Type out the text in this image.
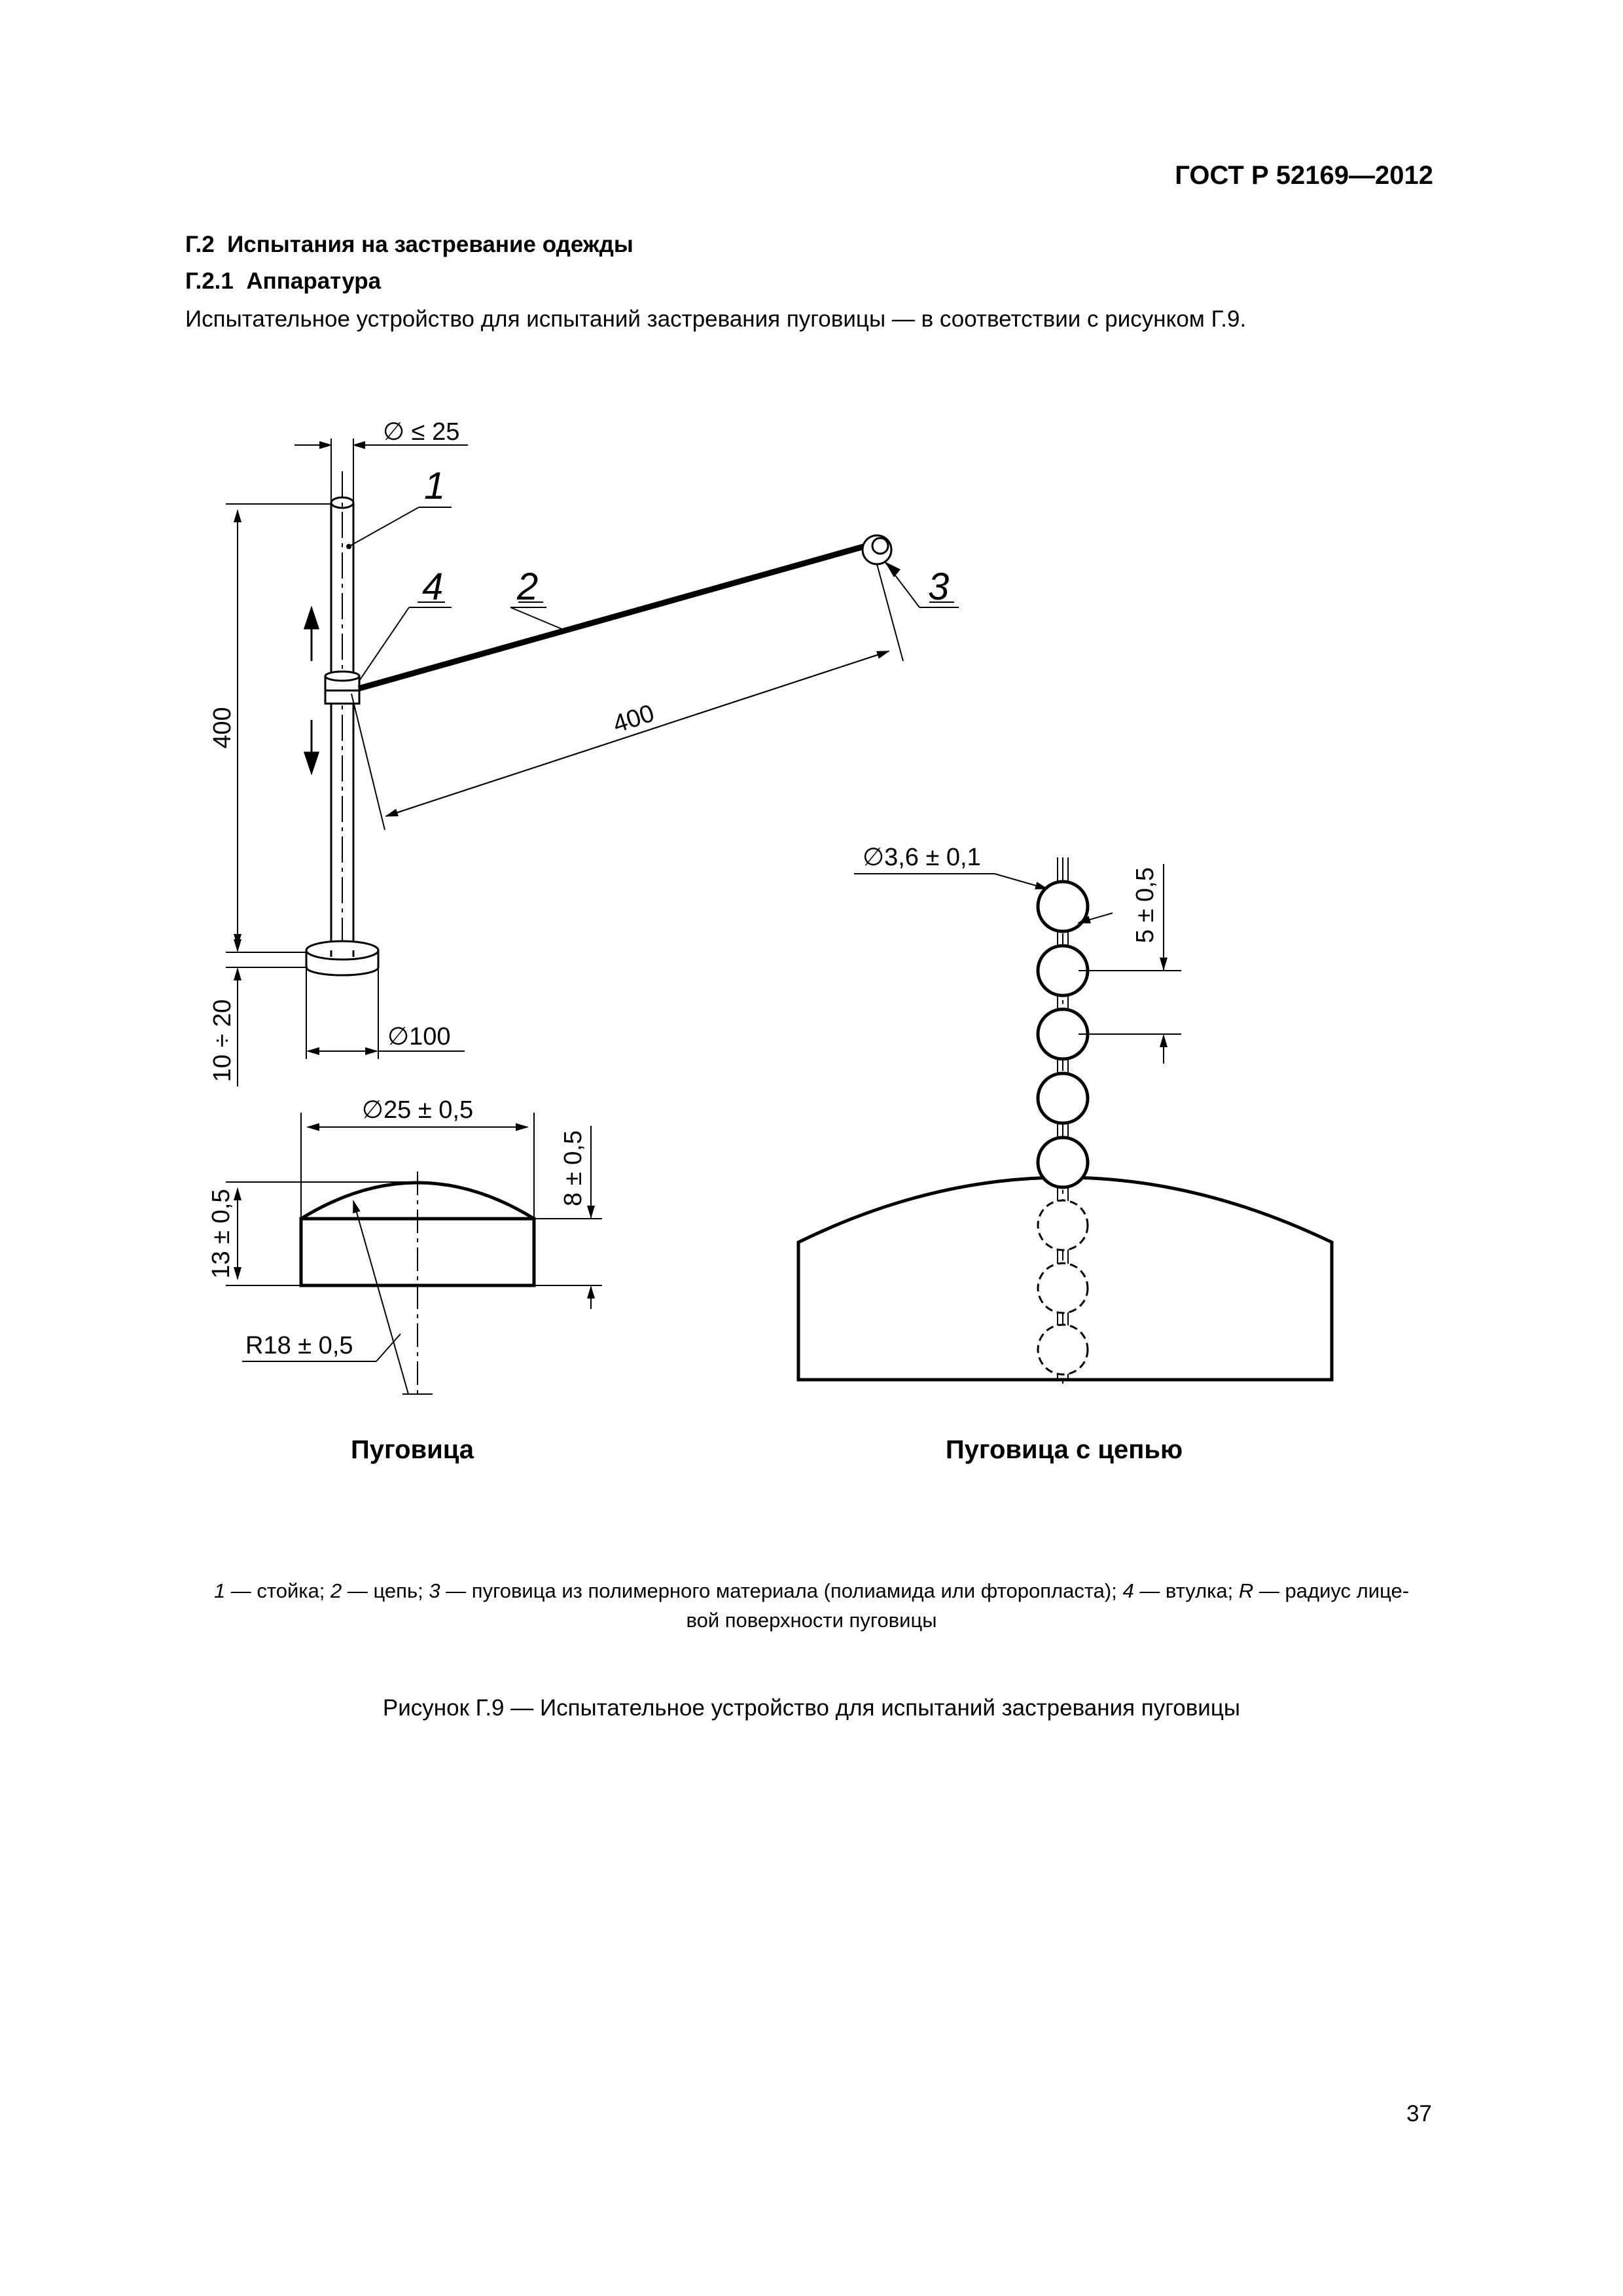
ГОСТ Р 52169—2012
Г.2 Испытания на застревание одежды
Г.2.1 Аппаратура
Испытательное устройство для испытаний застревания пуговицы — в соответствии с рисунком Г.9.
∅ ≤ 25
400	400
10 ÷ 20	∅100
1
4 2	3
R18 ± 0,5
∅25 ± 0,5
13 ± 0,5
8 ± 0,5
Пуговица
∅3,6 ± 0,1
5 ± 0,5
Пуговица с цепью
1 — стойка; 2 — цепь; 3 — пуговица из полимерного материала (полиамида или фторопласта); 4 — втулка; R — радиус лице-
вой поверхности пуговицы
Рисунок Г.9 — Испытательное устройство для испытаний застревания пуговицы
37
